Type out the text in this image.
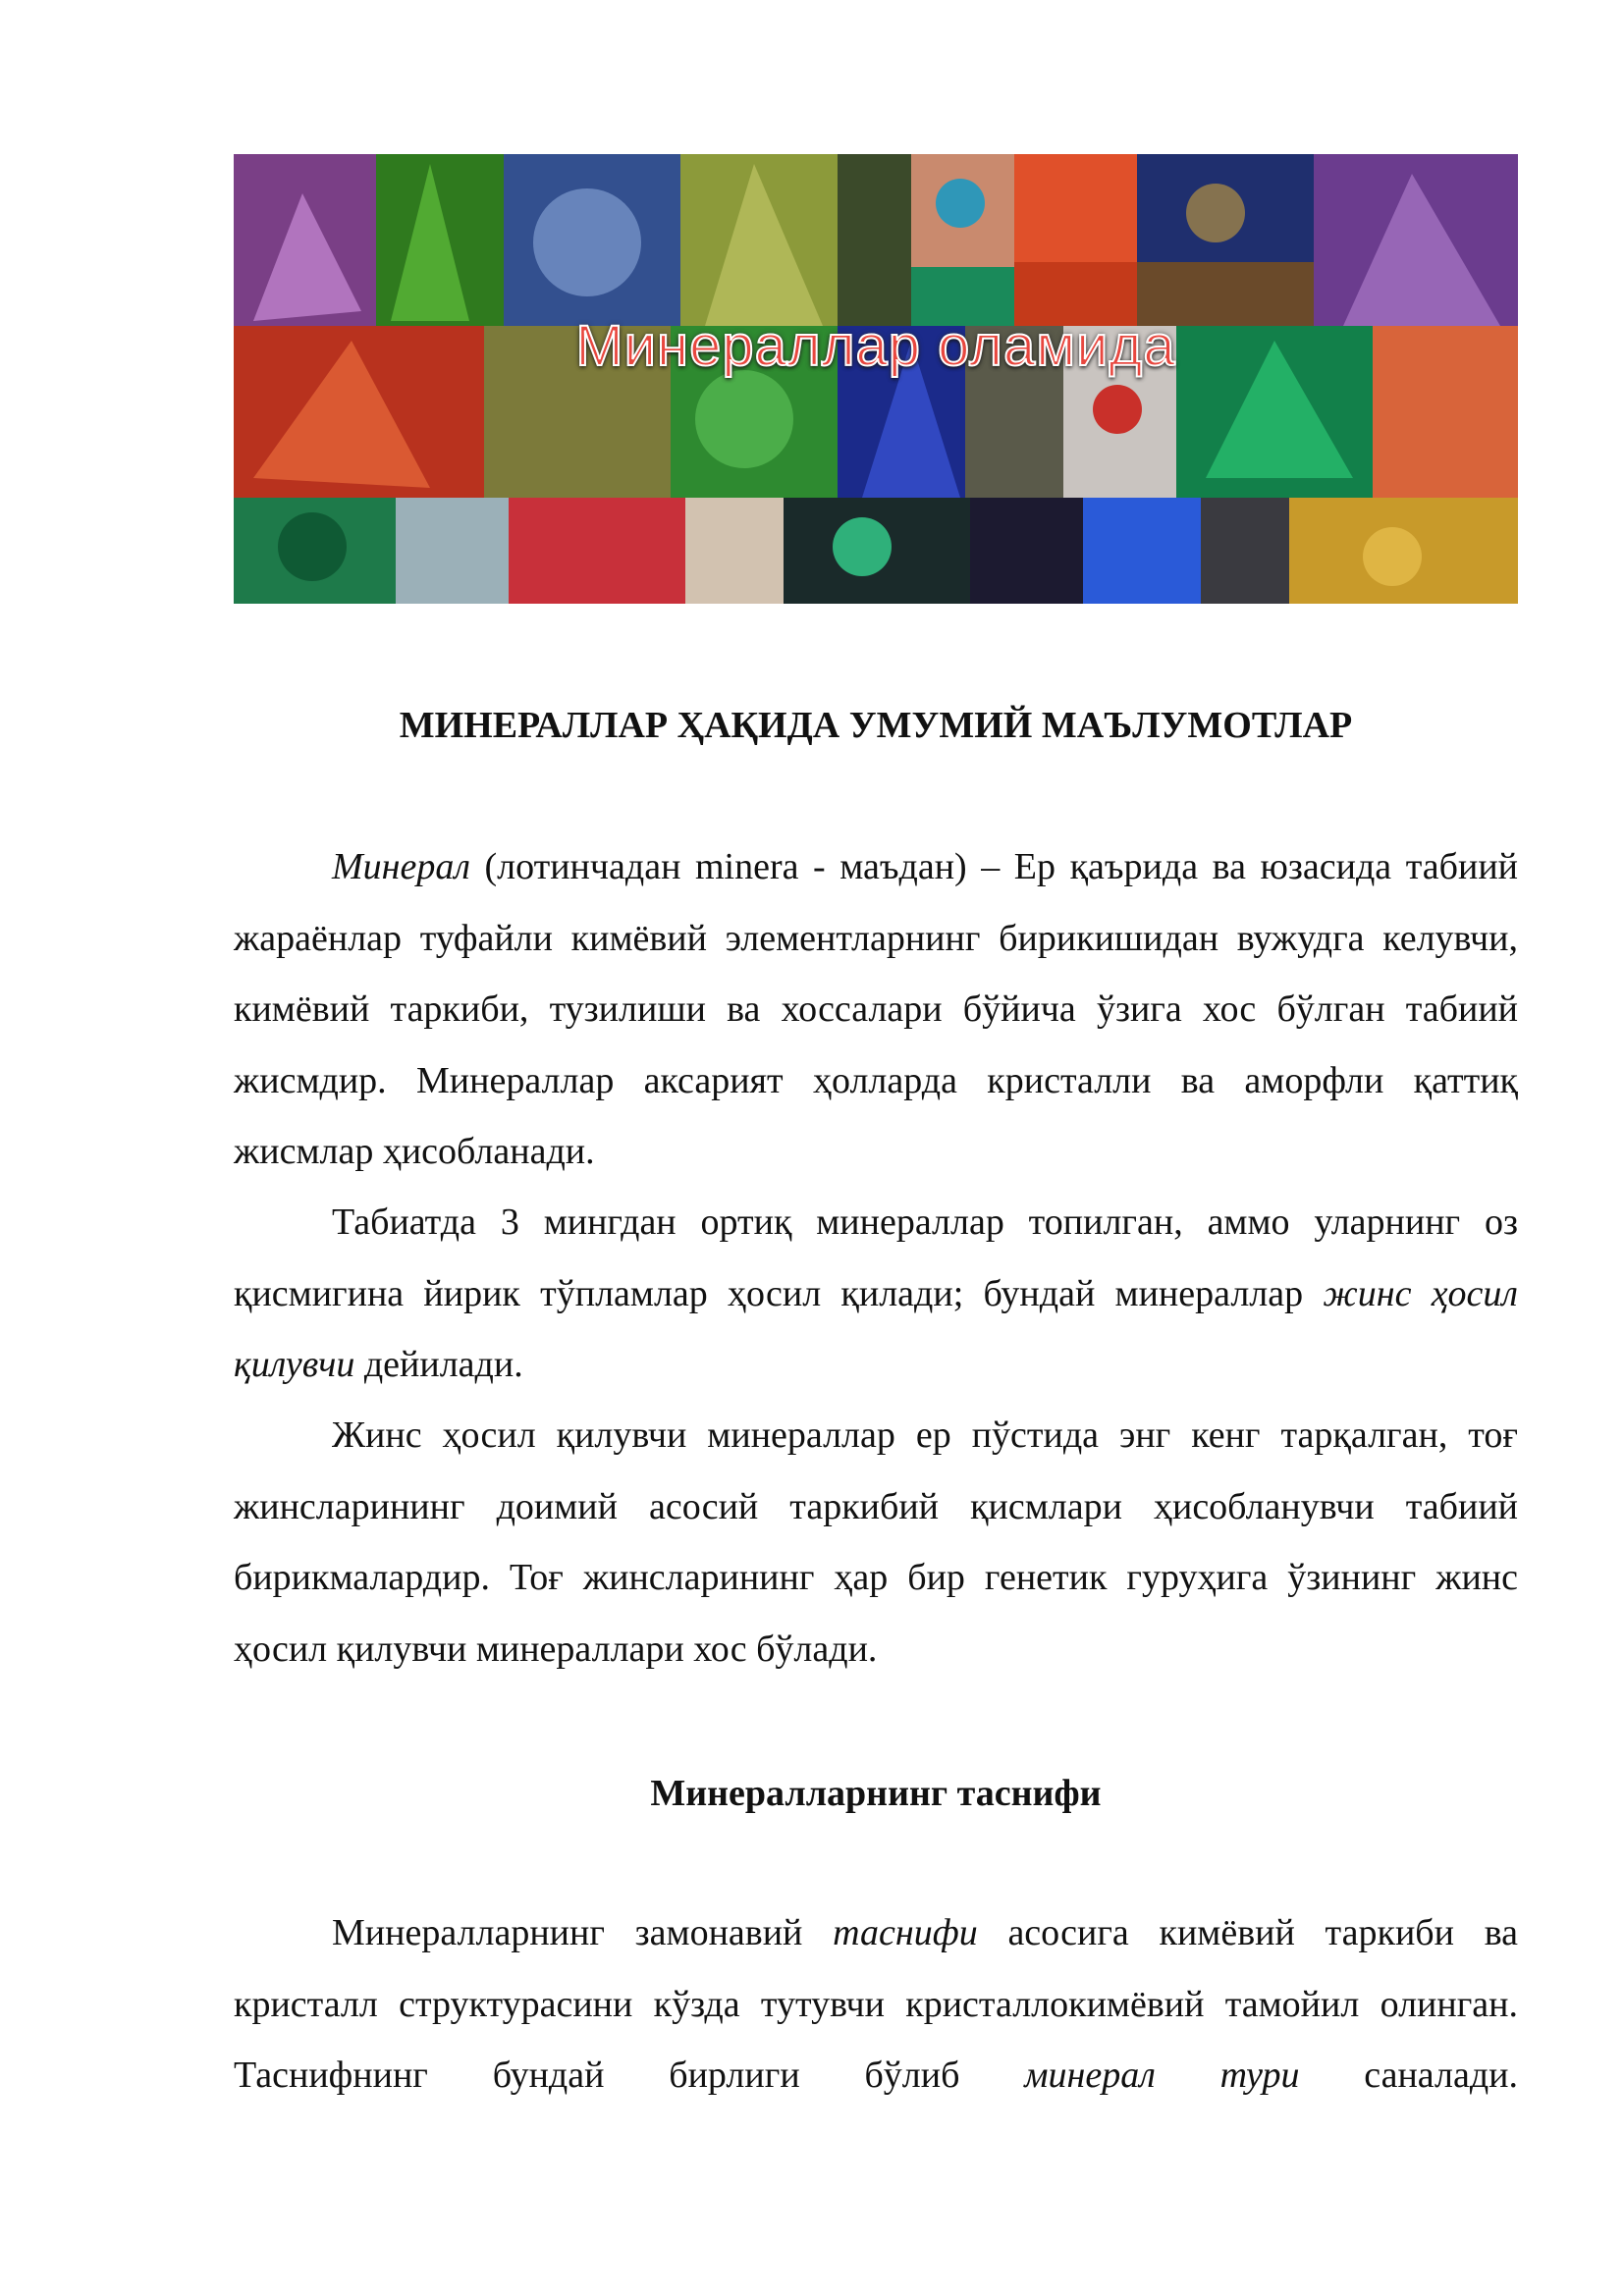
Минераллар оламида
МИНЕРАЛЛАР ҲАҚИДА УМУМИЙ МАЪЛУМОТЛАР
Минерал (лотинчадан minera - маъдан) – Ер қаърида ва юзасида табиий жараёнлар туфайли кимёвий элементларнинг бирикишидан вужудга келувчи, кимёвий таркиби, тузилиши ва хоссалари бўйича ўзига хос бўлган табиий жисмдир. Минераллар аксарият ҳолларда кристалли ва аморфли қаттиқ жисмлар ҳисобланади.
Табиатда 3 мингдан ортиқ минераллар топилган, аммо уларнинг оз қисмигина йирик тўпламлар ҳосил қилади; бундай минераллар жинс ҳосил қилувчи дейилади.
Жинс ҳосил қилувчи минераллар ер пўстида энг кенг тарқалган, тоғ жинсларининг доимий асосий таркибий қисмлари ҳисобланувчи табиий бирикмалардир. Тоғ жинсларининг ҳар бир генетик гуруҳига ўзининг жинс ҳосил қилувчи минераллари хос бўлади.
Минералларнинг таснифи
Минералларнинг замонавий таснифи асосига кимёвий таркиби ва кристалл структурасини кўзда тутувчи кристаллокимёвий тамойил олинган. Таснифнинг бундай бирлиги бўлиб минерал тури саналади.
